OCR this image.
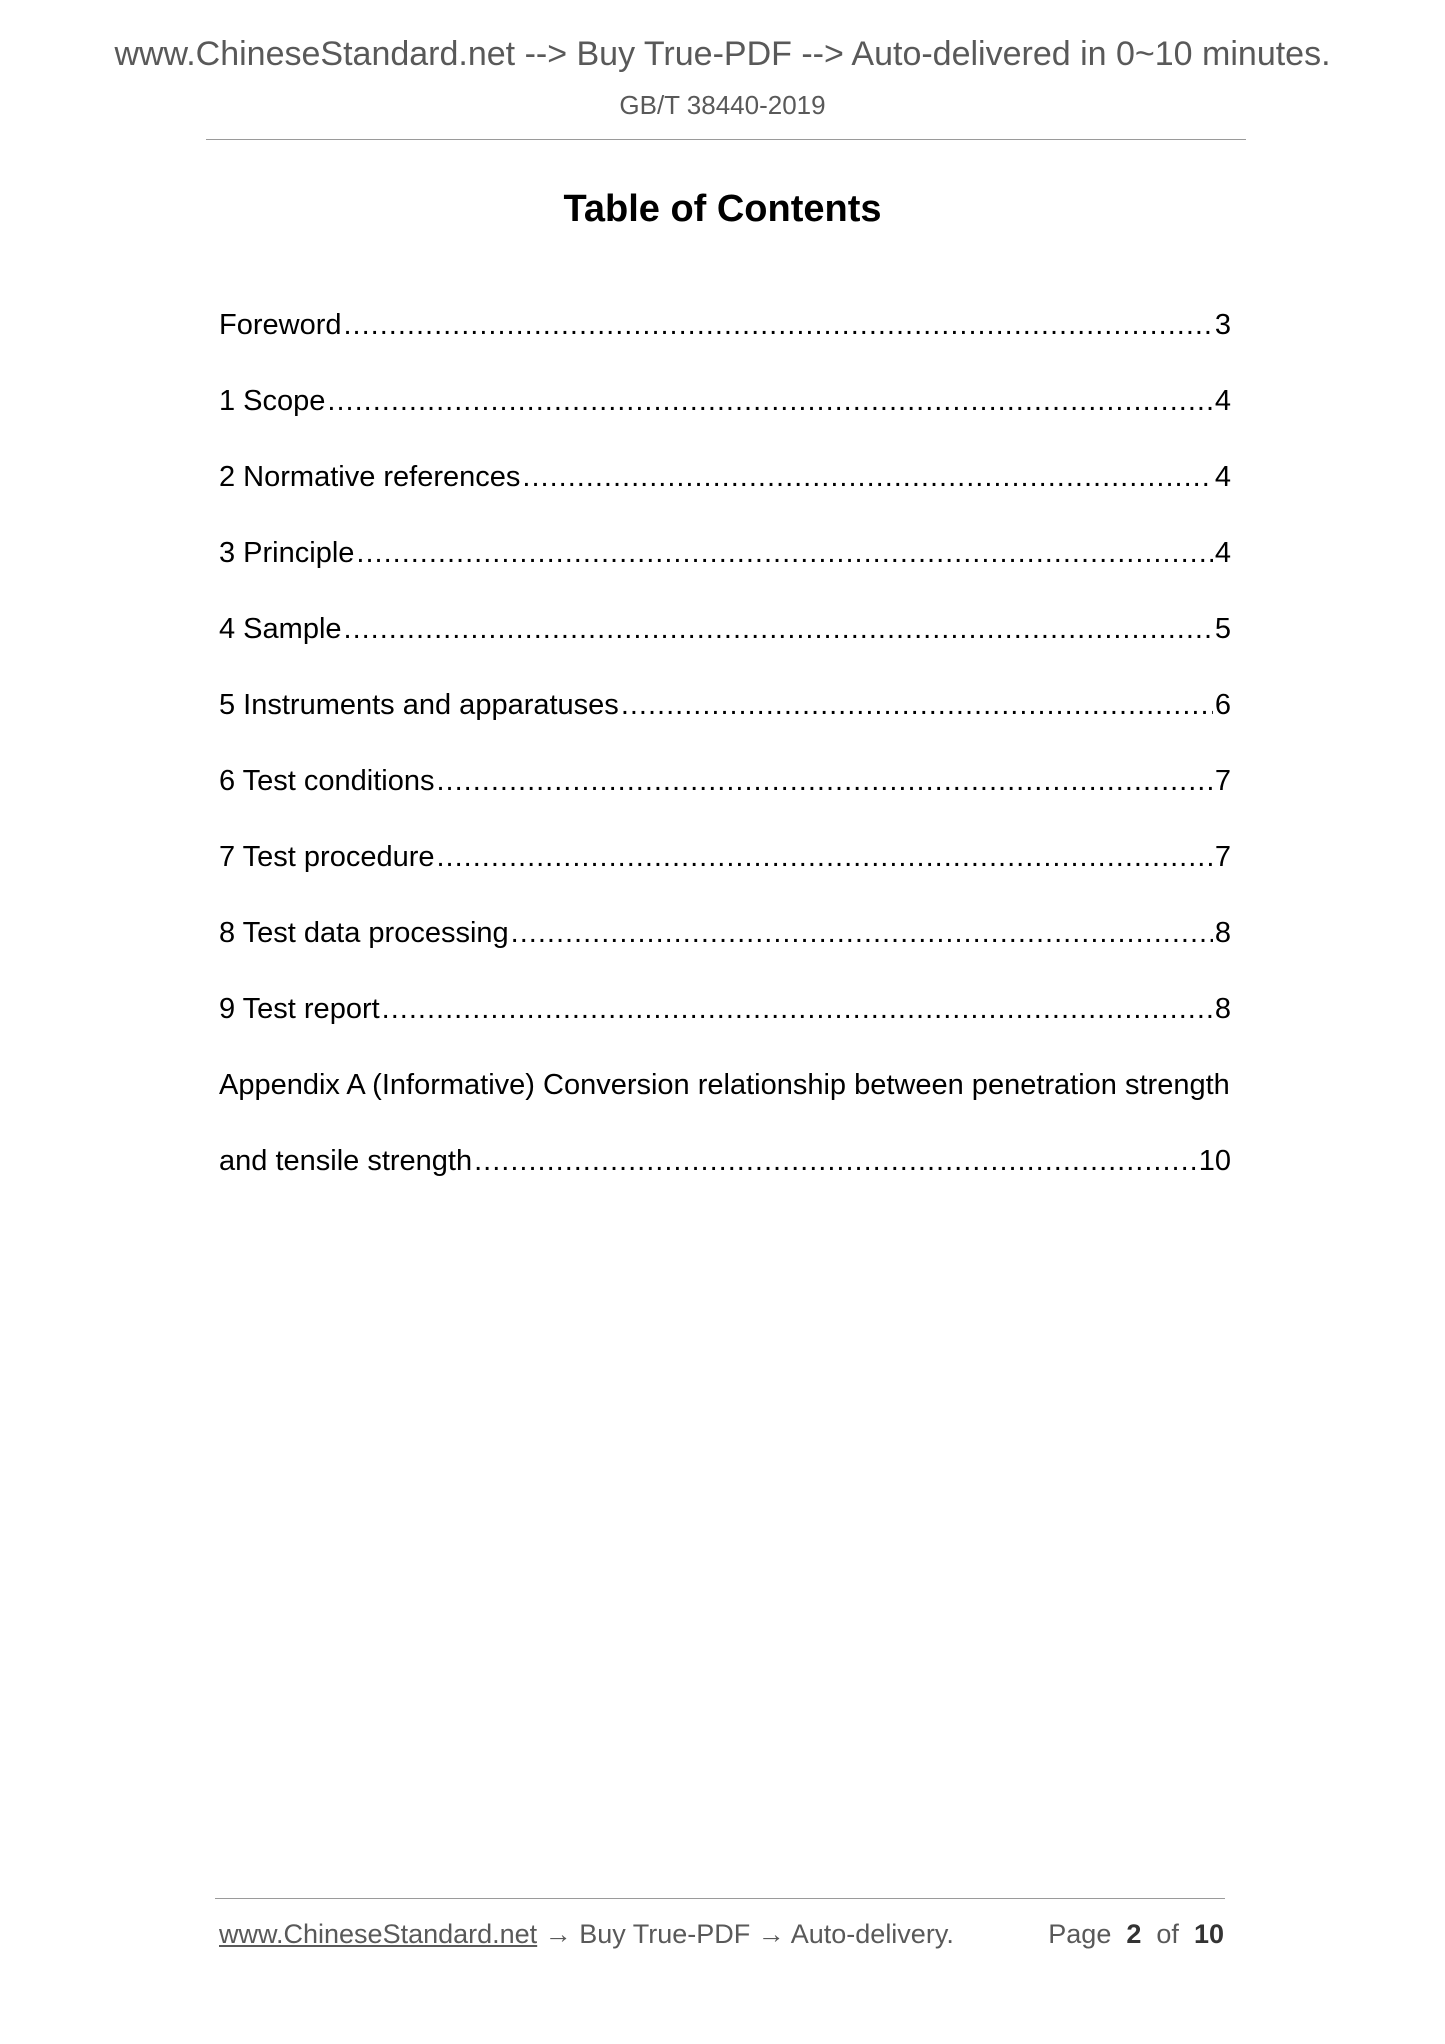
www.ChineseStandard.net --> Buy True-PDF --> Auto-delivered in 0~10 minutes.
GB/T 38440-2019
Table of Contents
Foreword .....	3
1 Scope .....	4
2 Normative references .....	4
3 Principle .....	4
4 Sample .....	5
5 Instruments and apparatuses .....	6
6 Test conditions .....	7
7 Test procedure .....	7
8 Test data processing .....	8
9 Test report .....	8
Appendix A (Informative) Conversion relationship between penetration strength
and tensile strength .....	10
www.ChineseStandard.net → Buy True-PDF → Auto-delivery.	Page 2 of 10
